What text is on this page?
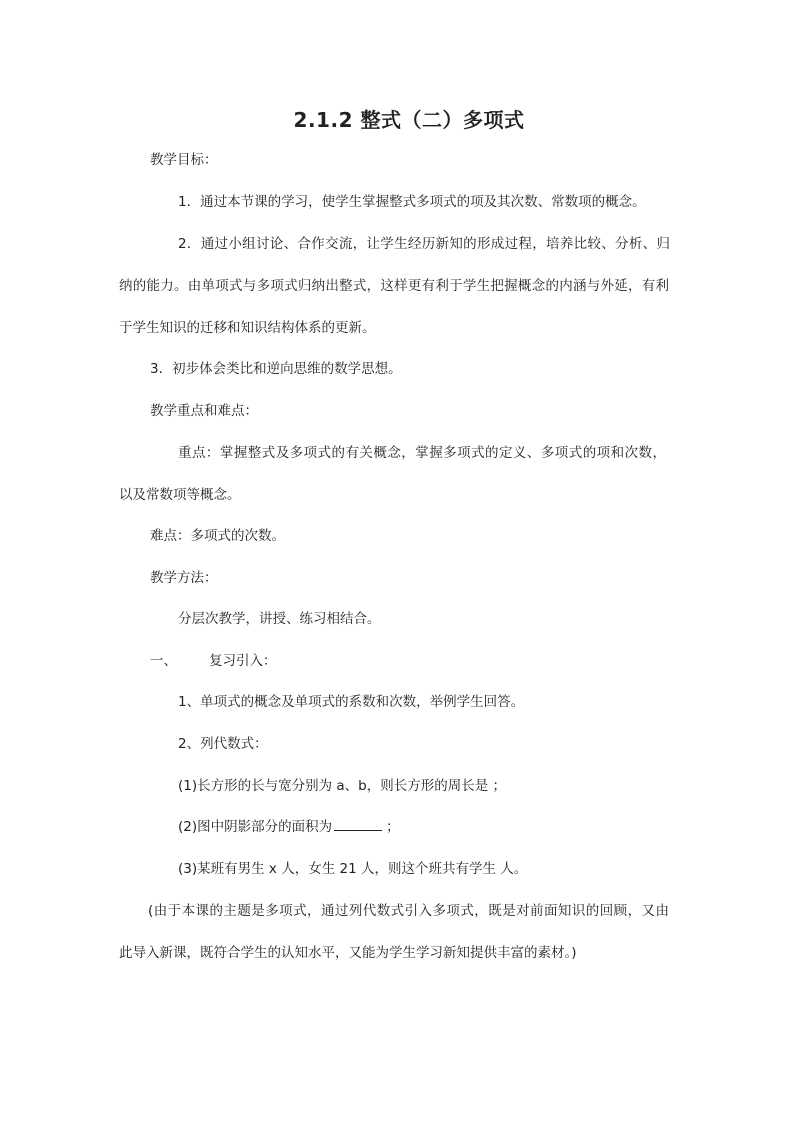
2.1.2 整式（二）多项式
教学目标：
1．通过本节课的学习，使学生掌握整式多项式的项及其次数、常数项的概念。
2．通过小组讨论、合作交流，让学生经历新知的形成过程，培养比较、分析、归
纳的能力。由单项式与多项式归纳出整式，这样更有利于学生把握概念的内涵与外延，有利
于学生知识的迁移和知识结构体系的更新。
3．初步体会类比和逆向思维的数学思想。
教学重点和难点：
重点：掌握整式及多项式的有关概念，掌握多项式的定义、多项式的项和次数，
以及常数项等概念。
难点：多项式的次数。
教学方法：
分层次教学，讲授、练习相结合。
一、 复习引入：
1、单项式的概念及单项式的系数和次数，举例学生回答。
2、列代数式：
(1)长方形的长与宽分别为 a、b，则长方形的周长是 ；
(2)图中阴影部分的面积为	；
(3)某班有男生 x 人，女生 21 人，则这个班共有学生 人。
(由于本课的主题是多项式，通过列代数式引入多项式，既是对前面知识的回顾，又由
此导入新课，既符合学生的认知水平，又能为学生学习新知提供丰富的素材。)
